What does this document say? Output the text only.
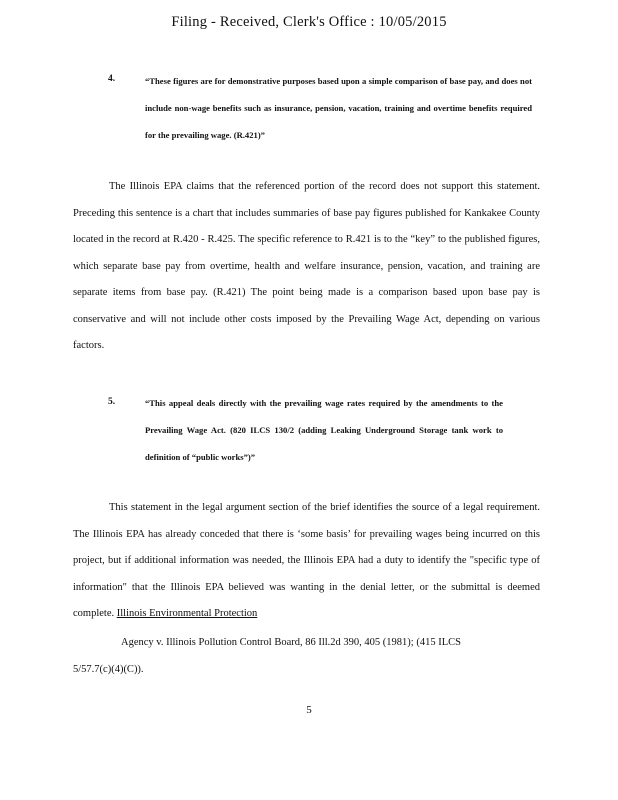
Filing - Received, Clerk's Office : 10/05/2015
4.	“These figures are for demonstrative purposes based upon a simple comparison of base pay, and does not include non-wage benefits such as insurance, pension, vacation, training and overtime benefits required for the prevailing wage. (R.421)”
The Illinois EPA claims that the referenced portion of the record does not support this statement. Preceding this sentence is a chart that includes summaries of base pay figures published for Kankakee County located in the record at R.420 - R.425. The specific reference to R.421 is to the “key” to the published figures, which separate base pay from overtime, health and welfare insurance, pension, vacation, and training are separate items from base pay. (R.421) The point being made is a comparison based upon base pay is conservative and will not include other costs imposed by the Prevailing Wage Act, depending on various factors.
5.	“This appeal deals directly with the prevailing wage rates required by the amendments to the Prevailing Wage Act. (820 ILCS 130/2 (adding Leaking Underground Storage tank work to definition of “public works”)”
This statement in the legal argument section of the brief identifies the source of a legal requirement. The Illinois EPA has already conceded that there is ‘some basis’ for prevailing wages being incurred on this project, but if additional information was needed, the Illinois EPA had a duty to identify the "specific type of information" that the Illinois EPA believed was wanting in the denial letter, or the submittal is deemed complete. Illinois Environmental Protection
Agency v. Illinois Pollution Control Board, 86 Ill.2d 390, 405 (1981); (415 ILCS
5/57.7(c)(4)(C)).
5
